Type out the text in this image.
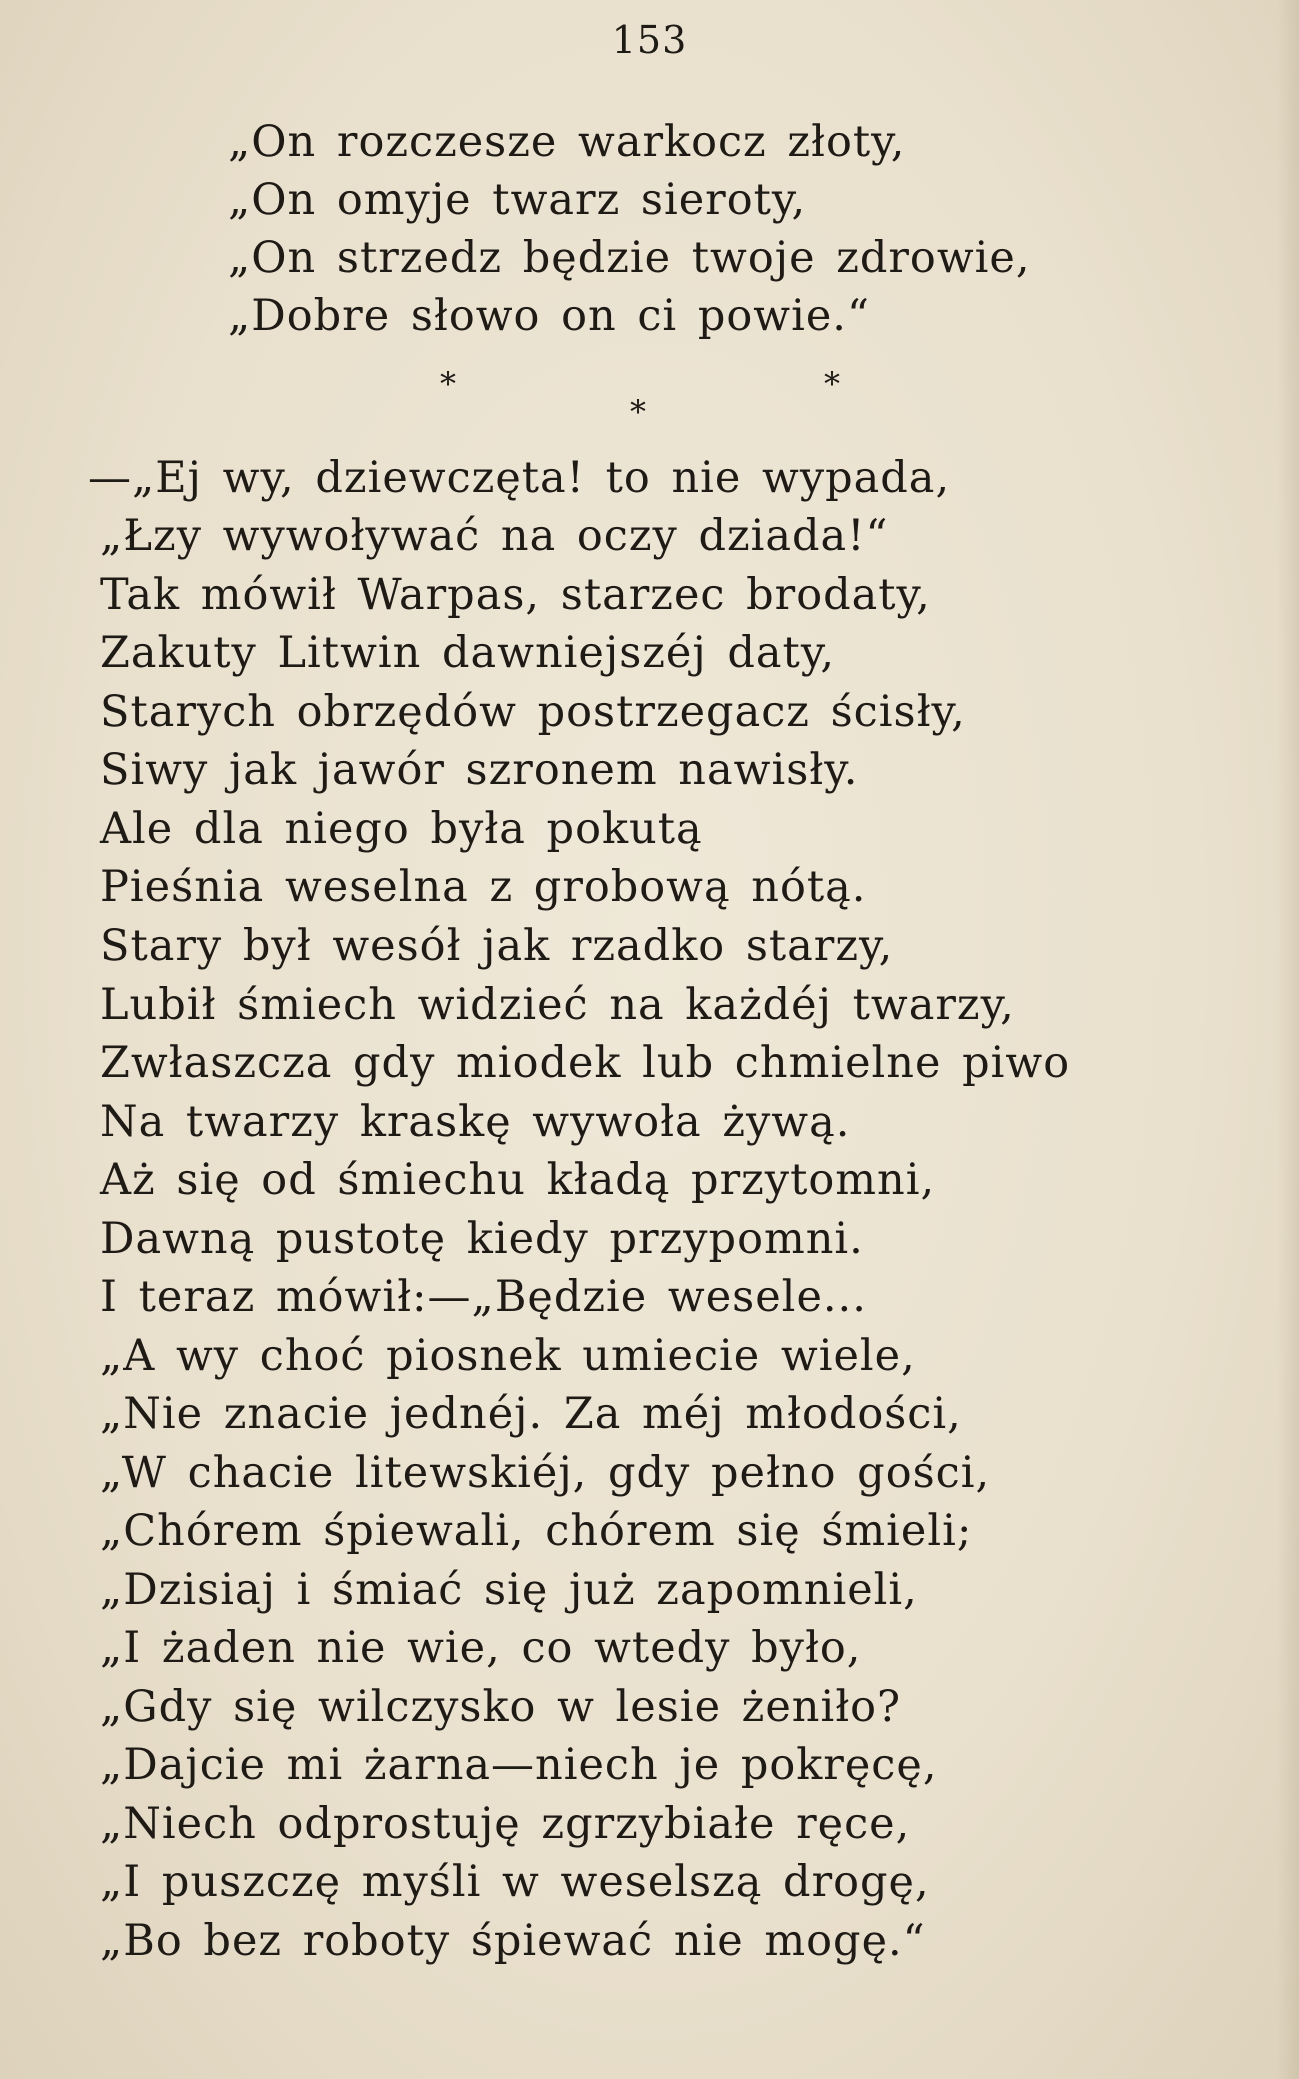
153
„On rozczesze warkocz złoty,
„On omyje twarz sieroty,
„On strzedz będzie twoje zdrowie,
„Dobre słowo on ci powie.“
*
*
*
—„Ej wy, dziewczęta! to nie wypada,
„Łzy wywoływać na oczy dziada!“
Tak mówił Warpas, starzec brodaty,
Zakuty Litwin dawniejszéj daty,
Starych obrzędów postrzegacz ścisły,
Siwy jak jawór szronem nawisły.
Ale dla niego była pokutą
Pieśnia weselna z grobową nótą.
Stary był wesół jak rzadko starzy,
Lubił śmiech widzieć na każdéj twarzy,
Zwłaszcza gdy miodek lub chmielne piwo
Na twarzy kraskę wywoła żywą.
Aż się od śmiechu kładą przytomni,
Dawną pustotę kiedy przypomni.
I teraz mówił:—„Będzie wesele...
„A wy choć piosnek umiecie wiele,
„Nie znacie jednéj. Za méj młodości,
„W chacie litewskiéj, gdy pełno gości,
„Chórem śpiewali, chórem się śmieli;
„Dzisiaj i śmiać się już zapomnieli,
„I żaden nie wie, co wtedy było,
„Gdy się wilczysko w lesie żeniło?
„Dajcie mi żarna—niech je pokręcę,
„Niech odprostuję zgrzybiałe ręce,
„I puszczę myśli w weselszą drogę,
„Bo bez roboty śpiewać nie mogę.“
